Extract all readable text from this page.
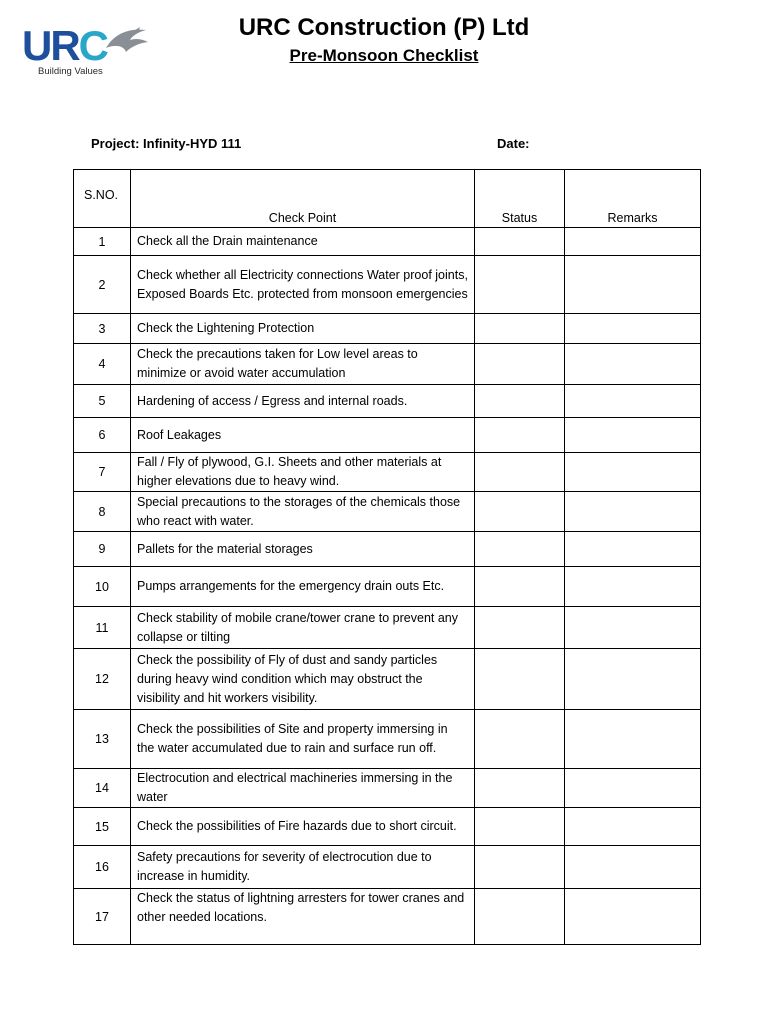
URC
Building Values
URC Construction (P) Ltd
Pre-Monsoon Checklist
Project: Infinity-HYD 111	Date:
S.NO.	Check Point	Status	Remarks
1	Check all the Drain maintenance		
2	Check whether all Electricity connections Water proof joints, Exposed Boards Etc. protected from monsoon emergencies		
3	Check the Lightening Protection		
4	Check the precautions taken for Low level areas to minimize or avoid water accumulation		
5	Hardening of access / Egress and internal roads.		
6	Roof Leakages		
7	Fall / Fly of plywood, G.I. Sheets and other materials at higher elevations due to heavy wind.		
8	Special precautions to the storages of the chemicals those who react with water.		
9	Pallets for the material storages		
10	Pumps arrangements for the emergency drain outs Etc.		
11	Check stability of mobile crane/tower crane to prevent any collapse or tilting		
12	Check the possibility of Fly of dust and sandy particles during heavy wind condition which may obstruct the visibility and hit workers visibility.		
13	Check the possibilities of Site and property immersing in the water accumulated due to rain and surface run off.		
14	Electrocution and electrical machineries immersing in the water		
15	Check the possibilities of Fire hazards due to short circuit.		
16	Safety precautions for severity of electrocution due to increase in humidity.		
17	Check the status of lightning arresters for tower cranes and other needed locations.		
